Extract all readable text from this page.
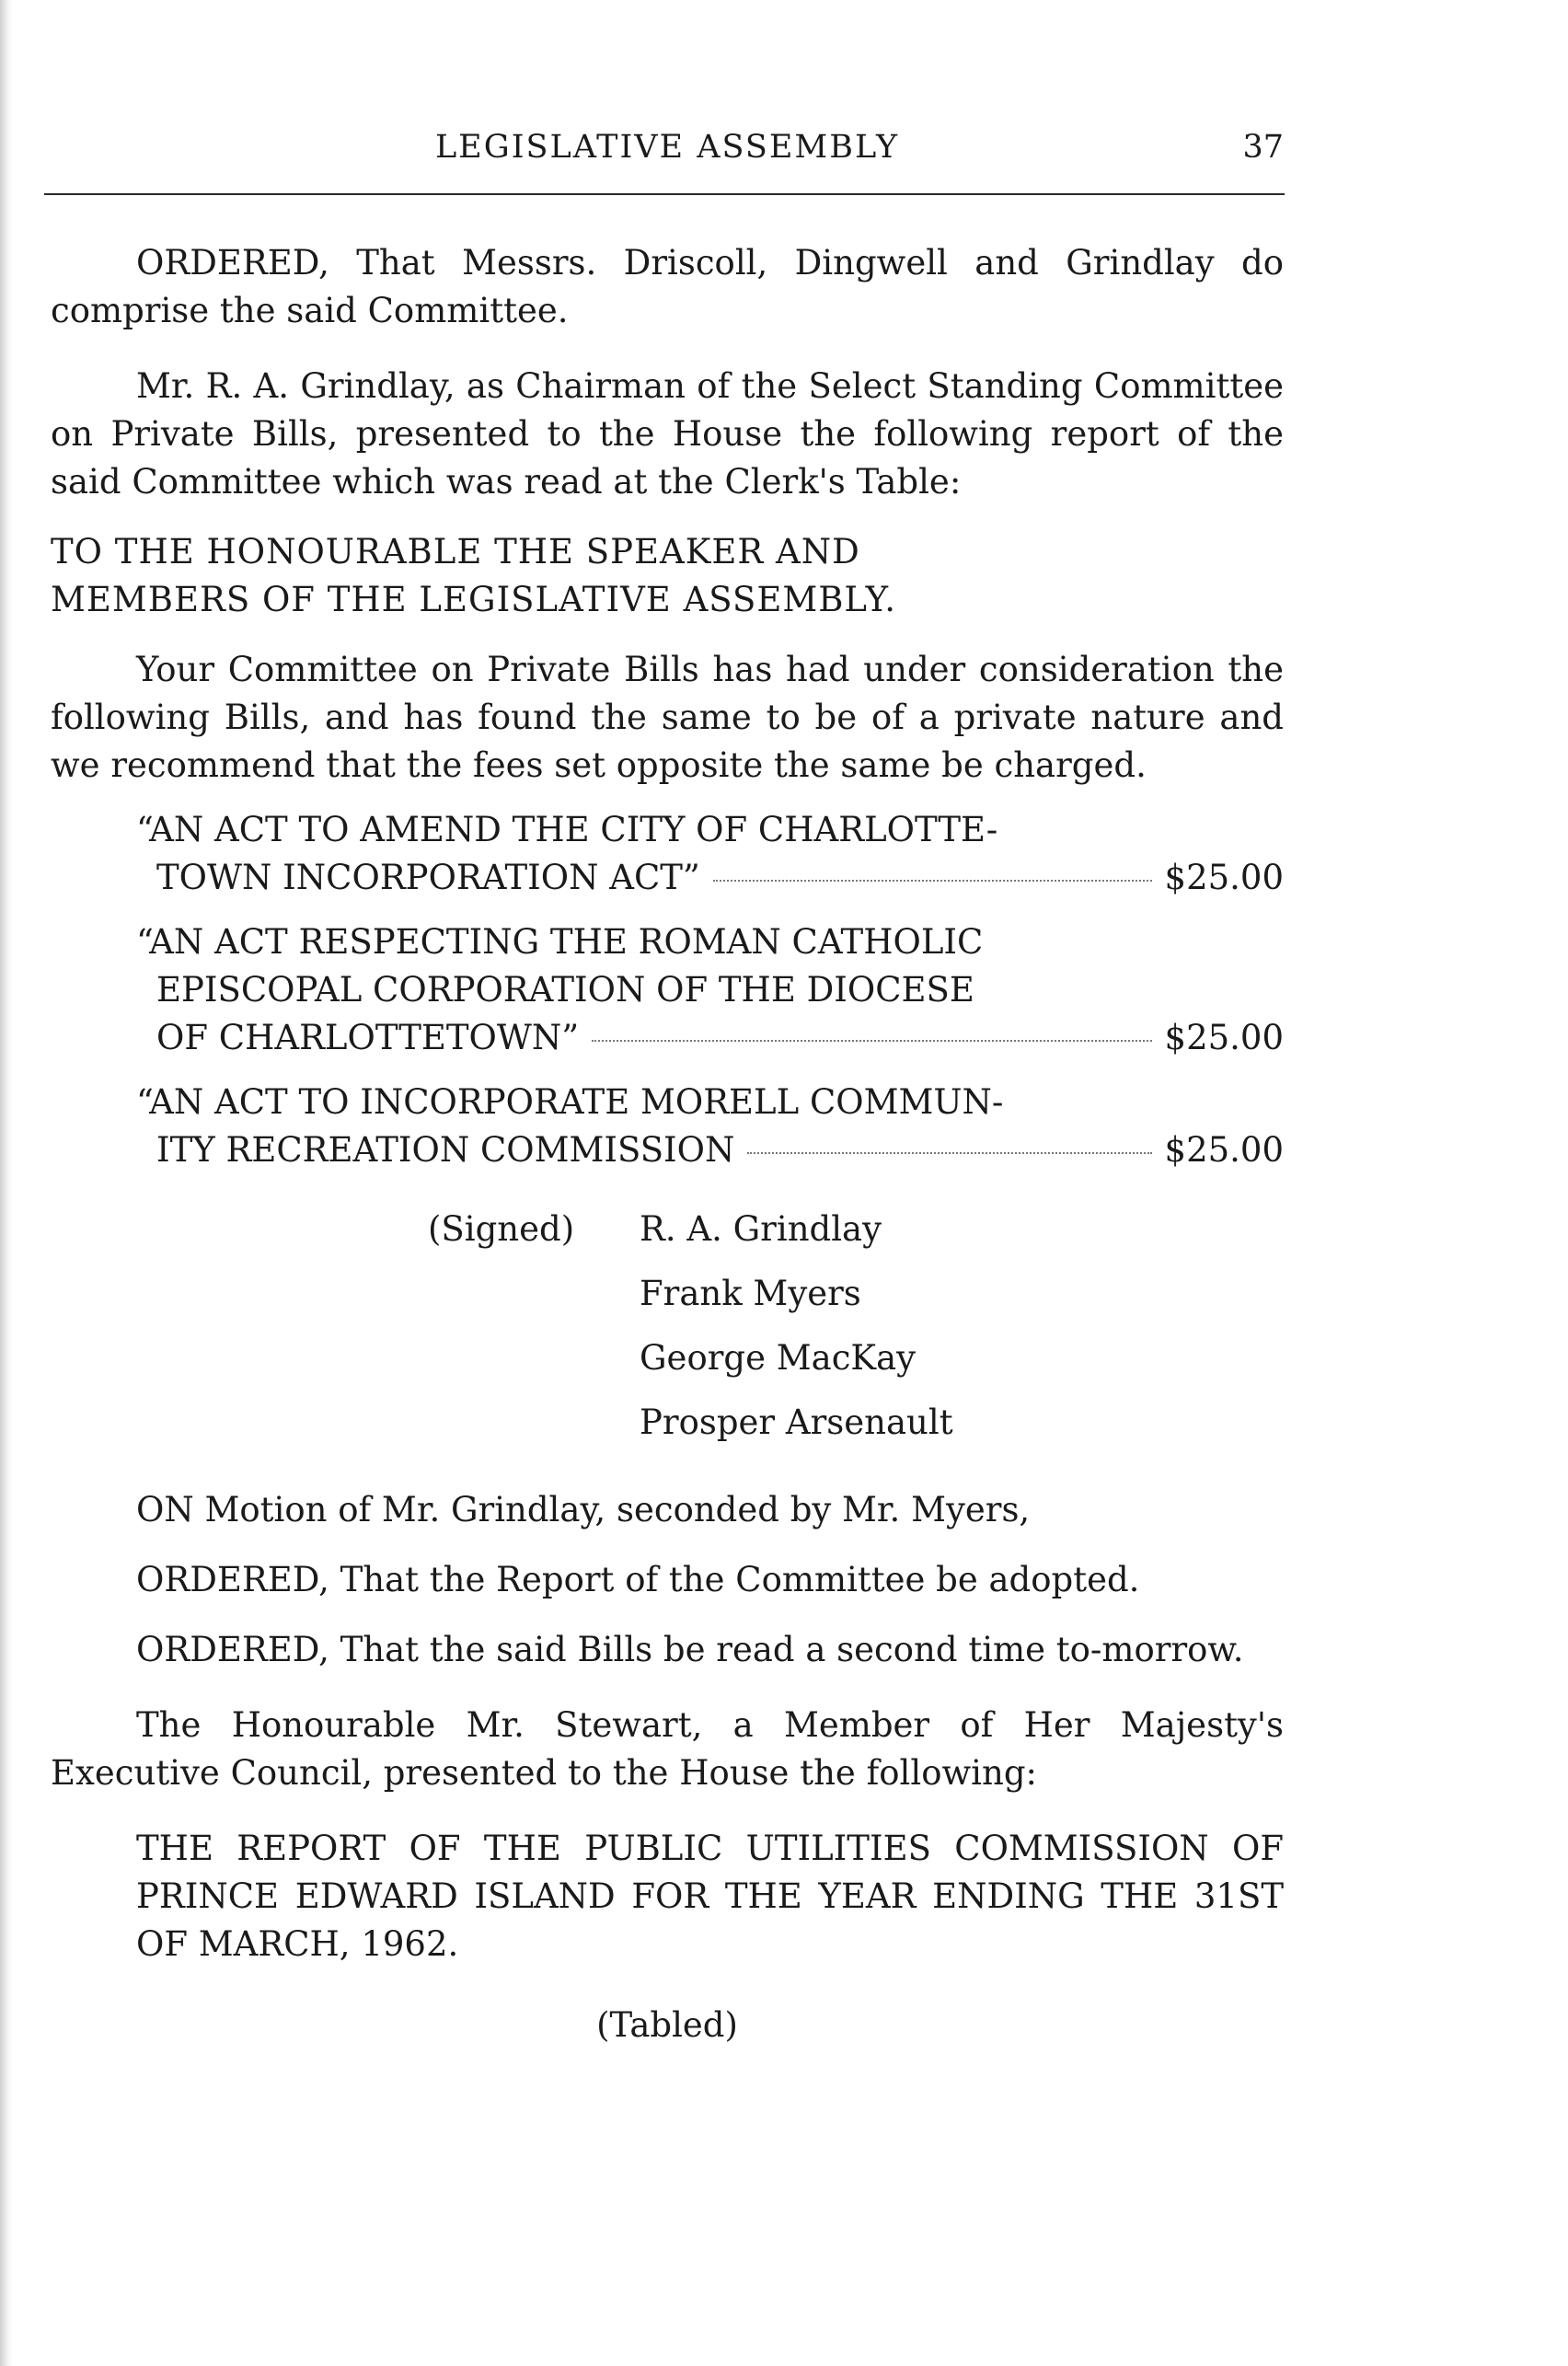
LEGISLATIVE ASSEMBLY	37

ORDERED, That Messrs. Driscoll, Dingwell and Grindlay do comprise the said Committee.

Mr. R. A. Grindlay, as Chairman of the Select Standing Committee on Private Bills, presented to the House the following report of the said Committee which was read at the Clerk's Table:

TO THE HONOURABLE THE SPEAKER AND
MEMBERS OF THE LEGISLATIVE ASSEMBLY.

Your Committee on Private Bills has had under consideration the following Bills, and has found the same to be of a private nature and we recommend that the fees set opposite the same be charged.

“AN ACT TO AMEND THE CITY OF CHARLOTTE-
TOWN INCORPORATION ACT”	$25.00
“AN ACT RESPECTING THE ROMAN CATHOLIC
EPISCOPAL CORPORATION OF THE DIOCESE
OF CHARLOTTETOWN”	$25.00
“AN ACT TO INCORPORATE MORELL COMMUN-
ITY RECREATION COMMISSION	$25.00
(Signed) R. A. Grindlay
Frank Myers
George MacKay
Prosper Arsenault

ON Motion of Mr. Grindlay, seconded by Mr. Myers,

ORDERED, That the Report of the Committee be adopted.

ORDERED, That the said Bills be read a second time to-morrow.

The Honourable Mr. Stewart, a Member of Her Majesty's Executive Council, presented to the House the following:

THE REPORT OF THE PUBLIC UTILITIES COMMISSION OF PRINCE EDWARD ISLAND FOR THE YEAR ENDING THE 31ST OF MARCH, 1962.

(Tabled)
